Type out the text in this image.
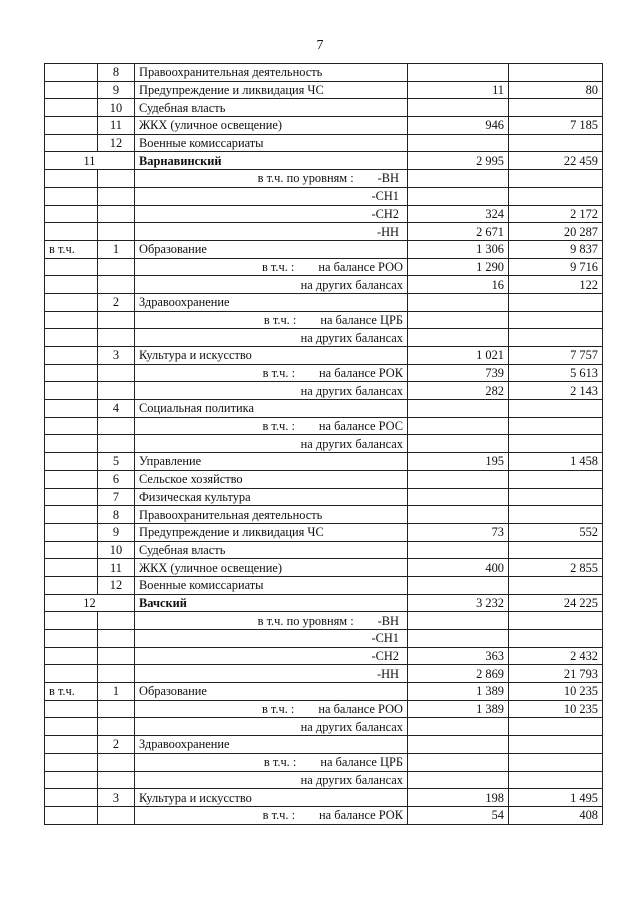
7
	8	Правоохранительная деятельность		
	9	Предупреждение и ликвидация ЧС	11	80
	10	Судебная власть		
	11	ЖКХ (уличное освещение)	946	7 185
	12	Военные комиссариаты		
11		Варнавинский	2 995	22 459
		в т.ч. по уровням : -ВН		
		-СН1		
		-СН2	324	2 172
		-НН	2 671	20 287
в т.ч.	1	Образование	1 306	9 837
		в т.ч. : на балансе РОО	1 290	9 716
		на других балансах	16	122
	2	Здравоохранение		
		в т.ч. : на балансе ЦРБ		
		на других балансах		
	3	Культура и искусство	1 021	7 757
		в т.ч. : на балансе РОК	739	5 613
		на других балансах	282	2 143
	4	Социальная политика		
		в т.ч. : на балансе РОС		
		на других балансах		
	5	Управление	195	1 458
	6	Сельское хозяйство		
	7	Физическая культура		
	8	Правоохранительная деятельность		
	9	Предупреждение и ликвидация ЧС	73	552
	10	Судебная власть		
	11	ЖКХ (уличное освещение)	400	2 855
	12	Военные комиссариаты		
12		Вачский	3 232	24 225
		в т.ч. по уровням : -ВН		
		-СН1		
		-СН2	363	2 432
		-НН	2 869	21 793
в т.ч.	1	Образование	1 389	10 235
		в т.ч. : на балансе РОО	1 389	10 235
		на других балансах		
	2	Здравоохранение		
		в т.ч. : на балансе ЦРБ		
		на других балансах		
	3	Культура и искусство	198	1 495
		в т.ч. : на балансе РОК	54	408
